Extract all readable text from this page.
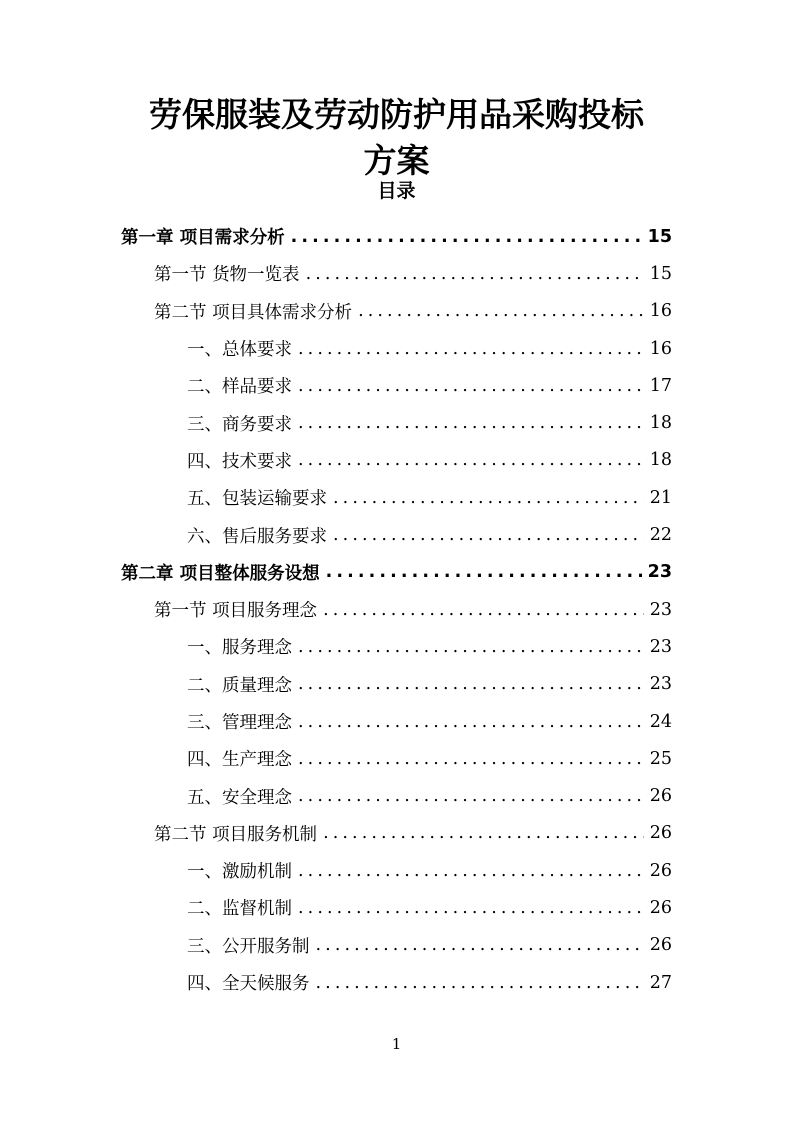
劳保服装及劳动防护用品采购投标
方案
目录
第一章 项目需求分析 .....	15
第一节 货物一览表 .....	15
第二节 项目具体需求分析 .....	16
一、总体要求 .....	16
二、样品要求 .....	17
三、商务要求 .....	18
四、技术要求 .....	18
五、包装运输要求 .....	21
六、售后服务要求 .....	22
第二章 项目整体服务设想 .....	23
第一节 项目服务理念 .....	23
一、服务理念 .....	23
二、质量理念 .....	23
三、管理理念 .....	24
四、生产理念 .....	25
五、安全理念 .....	26
第二节 项目服务机制 .....	26
一、激励机制 .....	26
二、监督机制 .....	26
三、公开服务制 .....	26
四、全天候服务 .....	27
1
